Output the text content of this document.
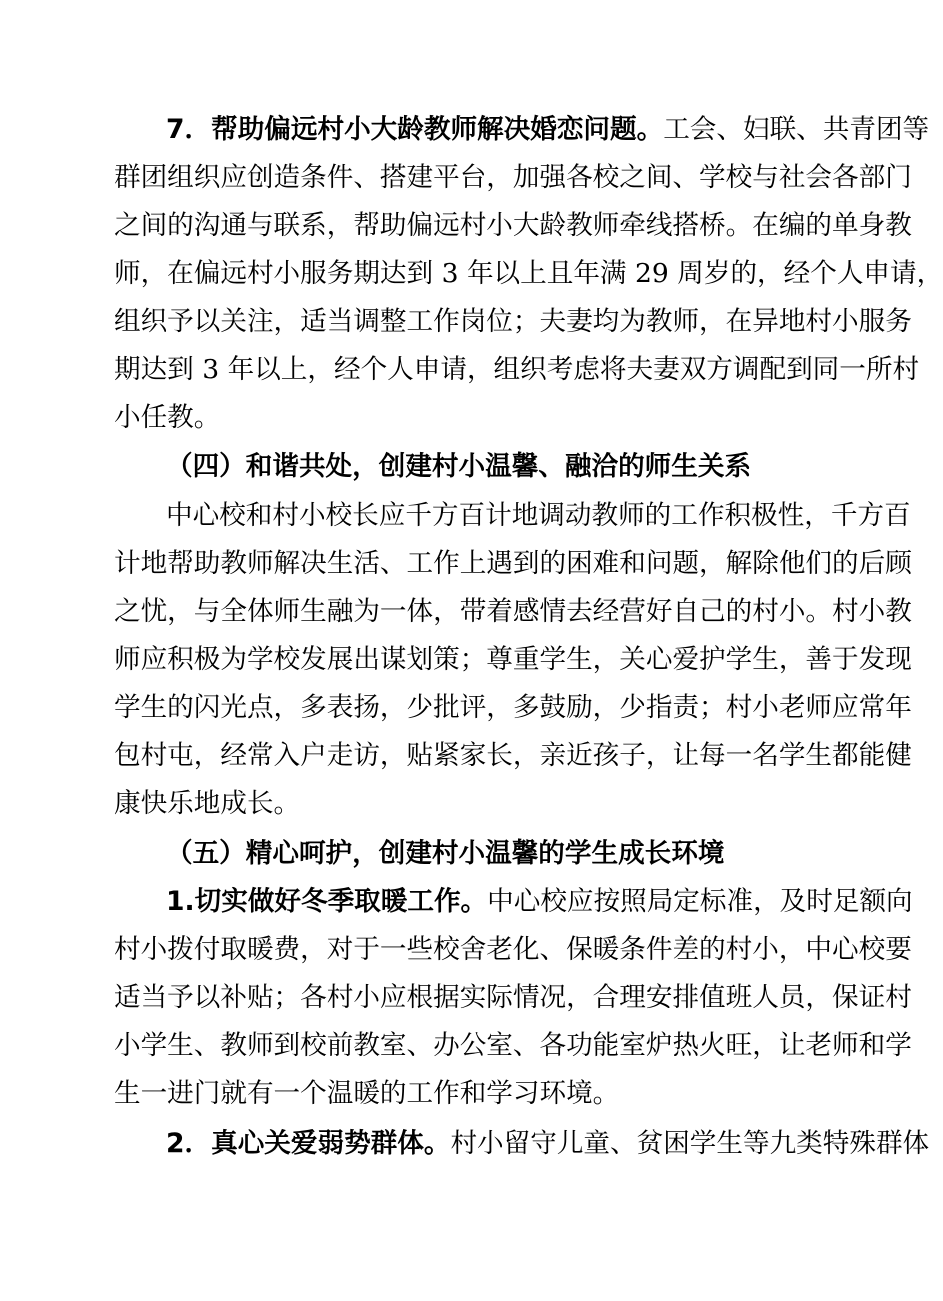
7．帮助偏远村小大龄教师解决婚恋问题。工会、妇联、共青团等
群团组织应创造条件、搭建平台，加强各校之间、学校与社会各部门
之间的沟通与联系，帮助偏远村小大龄教师牵线搭桥。在编的单身教
师，在偏远村小服务期达到 3 年以上且年满 29 周岁的，经个人申请，
组织予以关注，适当调整工作岗位；夫妻均为教师，在异地村小服务
期达到 3 年以上，经个人申请，组织考虑将夫妻双方调配到同一所村
小任教。
（四）和谐共处，创建村小温馨、融洽的师生关系
中心校和村小校长应千方百计地调动教师的工作积极性，千方百
计地帮助教师解决生活、工作上遇到的困难和问题，解除他们的后顾
之忧，与全体师生融为一体，带着感情去经营好自己的村小。村小教
师应积极为学校发展出谋划策；尊重学生，关心爱护学生，善于发现
学生的闪光点，多表扬，少批评，多鼓励，少指责；村小老师应常年
包村屯，经常入户走访，贴紧家长，亲近孩子，让每一名学生都能健
康快乐地成长。
（五）精心呵护，创建村小温馨的学生成长环境
1.切实做好冬季取暖工作。中心校应按照局定标准，及时足额向
村小拨付取暖费，对于一些校舍老化、保暖条件差的村小，中心校要
适当予以补贴；各村小应根据实际情况，合理安排值班人员，保证村
小学生、教师到校前教室、办公室、各功能室炉热火旺，让老师和学
生一进门就有一个温暖的工作和学习环境。
2．真心关爱弱势群体。村小留守儿童、贫困学生等九类特殊群体
